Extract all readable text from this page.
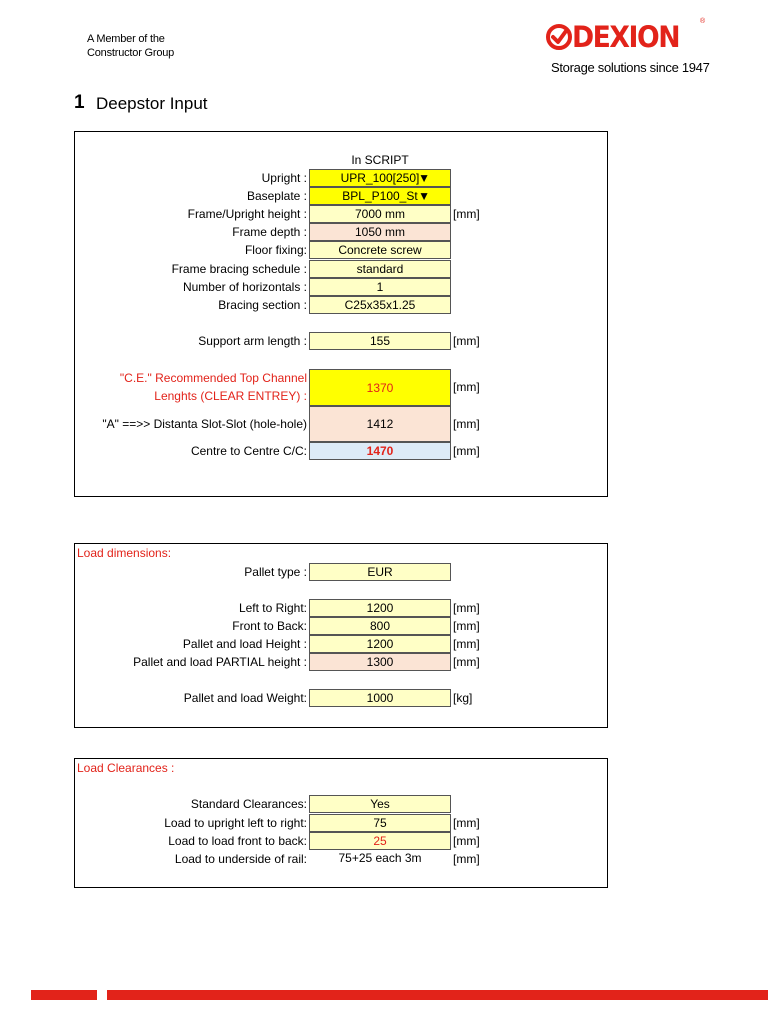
A Member of the
Constructor Group	DEXION	®
Storage solutions since 1947
1 Deepstor Input
In SCRIPT
Upright :	UPR_100[250]
▼
Baseplate :	BPL_P100_St ▼
Frame/Upright height :	7000 mm	[mm]
Frame depth :	1050 mm
Floor fixing:	Concrete screw
Frame bracing schedule :	standard
Number of horizontals :	1
Bracing section :	C25x35x1.25
Support arm length :	155	[mm]
"C.E." Recommended Top Channel
Lenghts (CLEAR ENTREY) :
1370	[mm]
"A" ==>> Distanta Slot-Slot (hole-hole)	1412	[mm]
Centre to Centre C/C:	1470	[mm]
Load dimensions:
Pallet type :	EUR
Left to Right:	1200	[mm]
Front to Back:	800	[mm]
Pallet and load Height :	1200	[mm]
Pallet and load PARTIAL height :	1300	[mm]
Pallet and load Weight:	1000	[kg]
Load Clearances :
Standard Clearances:	Yes
Load to upright left to right:	75	[mm]
Load to load front to back:	25	[mm]
Load to underside of rail:	75+25 each 3m	[mm]
